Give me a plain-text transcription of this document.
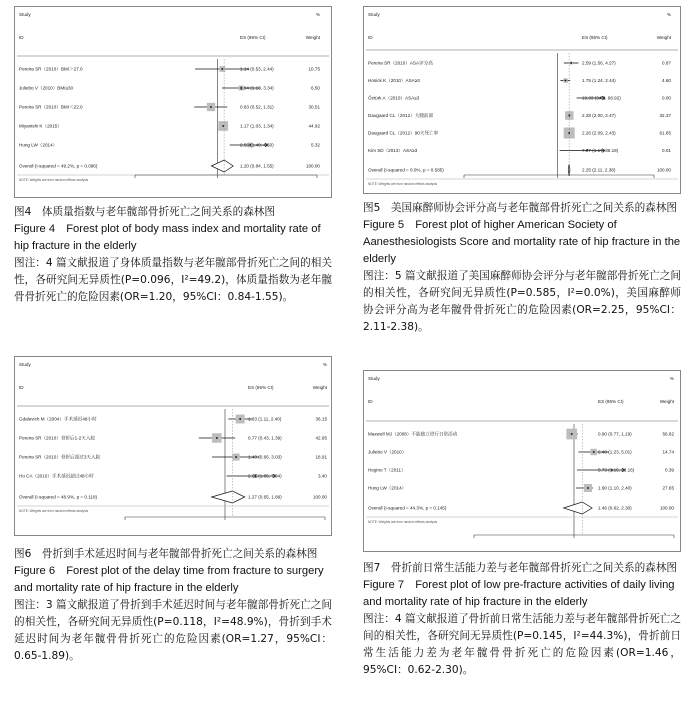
Study	%
ID	ES (95% CI)	Weight
Pereira SR（2010）BMI＞27.0	1.14 (0.53, 2.44)	10.75
Juliebo V（2010）BMI≥30	1.94 (1.13, 3.34)	6.50
Pereira SR（2010）BMI＜22.0	0.83 (0.52, 1.31)	30.51
Miyanishi K（2015）	1.17 (1.03, 1.34)	44.92
Hung LW（2014）	2.50 (1.40, 4.50)	5.32
Overall (I-squared = 49.2%, p = 0.096)	1.20 (0.84, 1.55)	100.00
NOTE: Weights are from random effects analysis
图4　体质量指数与老年髋部骨折死亡之间关系的森林图
Figure 4　Forest plot of body mass index and mortality rate of hip fracture in the elderly
图注：4 篇文献报道了身体质量指数与老年髋部骨折死亡之间的相关性，各研究间无异质性(P=0.096，I²=49.2)，体质量指数为老年髋骨骨折死亡的危险因素(OR=1.20，95%CI：0.84-1.55)。
Study	%
ID	ES (95% CI)	Weight
Pereira SR（2010）ASA评分高	2.59 (1.56, 4.27)	0.87
Hosick K（2010）ASA≥3	1.75 (1.24, 2.44)	4.60
Öztürk A（2010）ASA≥3	19.33 (3.78, 98.92)	0.00
Daugaard CL（2012）大腿前部	2.28 (2.00, 2.47)	32.37
Daugaard CL（2012）90天死亡率	2.26 (2.09, 2.43)	61.85
Kim SD（2013）ASA≥3	7.77 (1.17, 36.19)	0.01
Overall (I-squared = 0.0%, p = 0.585)	2.25 (2.11, 2.38)	100.00
NOTE: Weights are from random effects analysis
图5　美国麻醉师协会评分高与老年髋部骨折死亡之间关系的森林图
Figure 5　Forest plot of higher American Society of Aanesthesiologists Score and mortality rate of hip fracture in the elderly
图注：5 篇文献报道了美国麻醉师协会评分与老年髋部骨折死亡之间的相关性，各研究间无异质性(P=0.585，I²=0.0%)，美国麻醉师协会评分高为老年髋骨骨折死亡的危险因素(OR=2.25，95%CI：2.11-2.38)。
Study	%
ID	ES (95% CI)	Weight
Gdalevich M（2004）手术延迟48小时	1.63 (1.11, 2.40)	36.15
Pereira SR（2010）骨折后1-2天入院	0.77 (0.43, 1.39)	42.95
Pereira SR（2010）骨折后超过3天入院	1.43 (0.66, 3.03)	18.91
Ho CA（2010）手术延迟超过48小时	2.65 (1.05, 7.34)	3.40
Overall (I-squared = 48.9%, p = 0.118)	1.27 (0.65, 1.89)	100.00
NOTE: Weights are from random effects analysis
图6　骨折到手术延迟时间与老年髋部骨折死亡之间关系的森林图
Figure 6　Forest plot of the delay time from fracture to surgery and mortality rate of hip fracture in the elderly
图注：3 篇文献报道了骨折到手术延迟时间与老年髋部骨折死亡之间的相关性，各研究间无异质性(P=0.118，I²=48.9%)，骨折到手术延迟时间为老年髋骨骨折死亡的危险因素(OR=1.27，95%CI：0.65-1.89)。
Study	%
ID	ES (95% CI)	Weight
Maxwell MJ（2008）不能独立进行日常活动	0.90 (0.77, 1.19)	56.82
Juliebo V（2010）	2.48 (1.23, 5.01)	14.74
Hegino T（2011）	5.73 (1.15, 28.16)	0.39
Hung LW（2014）	1.90 (1.10, 2.40)	27.65
Overall (I-squared = 44.3%, p = 0.145)	1.46 (0.62, 2.30)	100.00
NOTE: Weights are from random effects analysis
图7　骨折前日常生活能力差与老年髋部骨折死亡之间关系的森林图
Figure 7　Forest plot of low pre-fracture activities of daily living and mortality rate of hip fracture in the elderly
图注：4 篇文献报道了骨折前日常生活能力差与老年髋部骨折死亡之间的相关性，各研究间无异质性(P=0.145，I²=44.3%)，骨折前日常生活能力差为老年髋骨骨折死亡的危险因素(OR=1.46，95%CI：0.62-2.30)。
